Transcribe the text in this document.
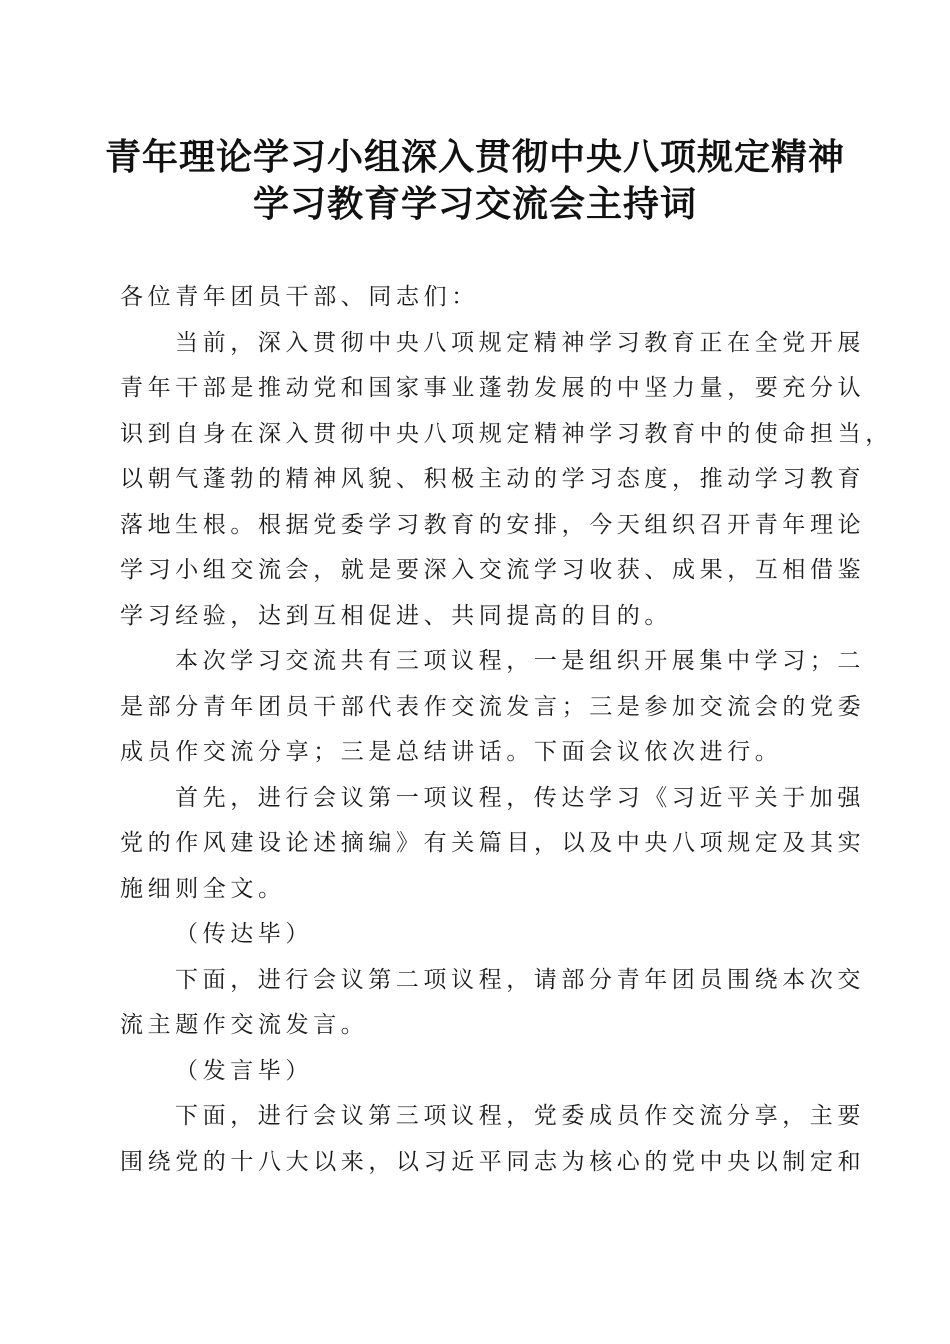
青年理论学习小组深入贯彻中央八项规定精神
学习教育学习交流会主持词
各位青年团员干部、同志们：
当前，深入贯彻中央八项规定精神学习教育正在全党开展
青年干部是推动党和国家事业蓬勃发展的中坚力量，要充分认
识到自身在深入贯彻中央八项规定精神学习教育中的使命担当，
以朝气蓬勃的精神风貌、积极主动的学习态度，推动学习教育
落地生根。根据党委学习教育的安排，今天组织召开青年理论
学习小组交流会，就是要深入交流学习收获、成果，互相借鉴
学习经验，达到互相促进、共同提高的目的。
本次学习交流共有三项议程，一是组织开展集中学习；二
是部分青年团员干部代表作交流发言；三是参加交流会的党委
成员作交流分享；三是总结讲话。下面会议依次进行。
首先，进行会议第一项议程，传达学习《习近平关于加强
党的作风建设论述摘编》有关篇目，以及中央八项规定及其实
施细则全文。
（传达毕）
下面，进行会议第二项议程，请部分青年团员围绕本次交
流主题作交流发言。
（发言毕）
下面，进行会议第三项议程，党委成员作交流分享，主要
围绕党的十八大以来，以习近平同志为核心的党中央以制定和
